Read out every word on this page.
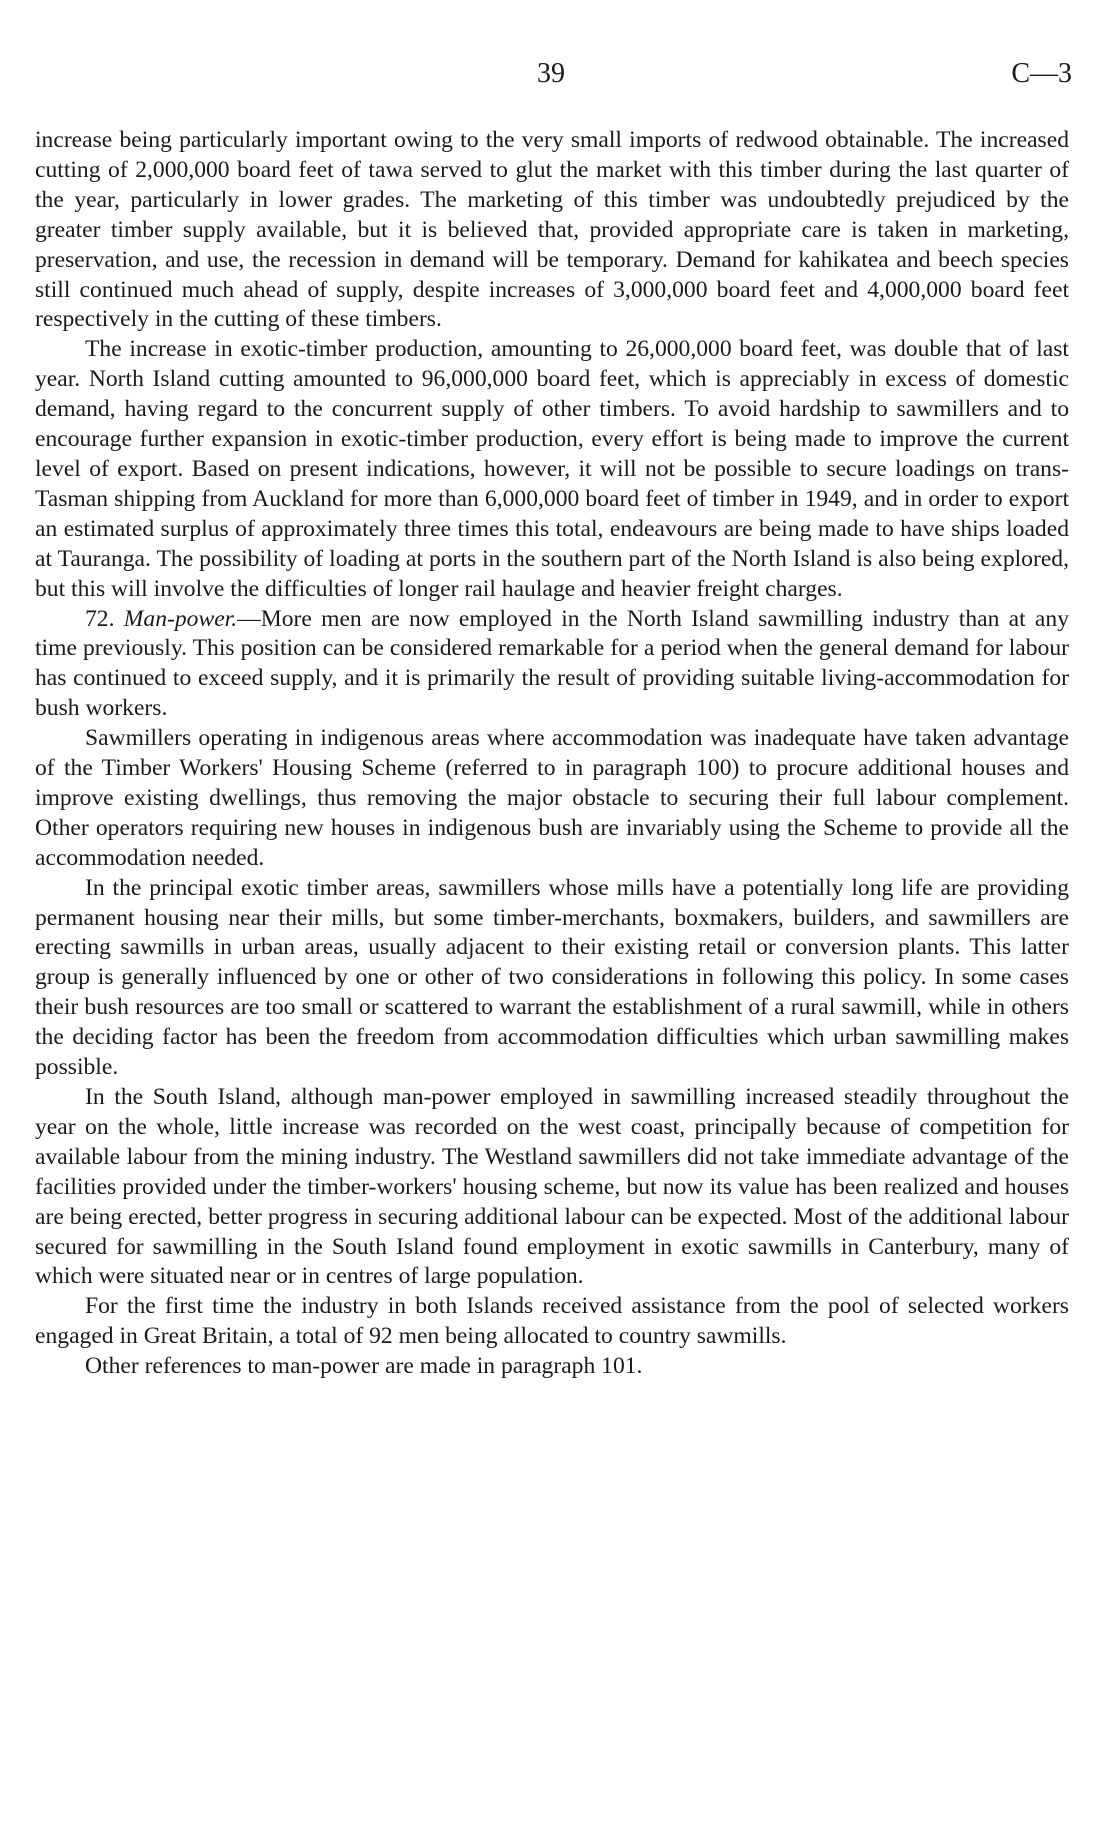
39	C—3

increase being particularly important owing to the very small imports of redwood obtainable. The increased cutting of 2,000,000 board feet of tawa served to glut the market with this timber during the last quarter of the year, particularly in lower grades. The marketing of this timber was undoubtedly prejudiced by the greater timber supply available, but it is believed that, provided appropriate care is taken in marketing, preservation, and use, the recession in demand will be temporary. Demand for kahikatea and beech species still continued much ahead of supply, despite increases of 3,000,000 board feet and 4,000,000 board feet respectively in the cutting of these timbers.

The increase in exotic-timber production, amounting to 26,000,000 board feet, was double that of last year. North Island cutting amounted to 96,000,000 board feet, which is appreciably in excess of domestic demand, having regard to the concurrent supply of other timbers. To avoid hardship to sawmillers and to encourage further expansion in exotic-timber production, every effort is being made to improve the current level of export. Based on present indications, however, it will not be possible to secure loadings on trans-Tasman shipping from Auckland for more than 6,000,000 board feet of timber in 1949, and in order to export an estimated surplus of approximately three times this total, endeavours are being made to have ships loaded at Tauranga. The possibility of loading at ports in the southern part of the North Island is also being explored, but this will involve the difficulties of longer rail haulage and heavier freight charges.

72. Man-power.—More men are now employed in the North Island sawmilling industry than at any time previously. This position can be considered remarkable for a period when the general demand for labour has continued to exceed supply, and it is primarily the result of providing suitable living-accommodation for bush workers.

Sawmillers operating in indigenous areas where accommodation was inadequate have taken advantage of the Timber Workers' Housing Scheme (referred to in paragraph 100) to procure additional houses and improve existing dwellings, thus removing the major obstacle to securing their full labour complement. Other operators requiring new houses in indigenous bush are invariably using the Scheme to provide all the accommodation needed.

In the principal exotic timber areas, sawmillers whose mills have a potentially long life are providing permanent housing near their mills, but some timber-merchants, boxmakers, builders, and sawmillers are erecting sawmills in urban areas, usually adjacent to their existing retail or conversion plants. This latter group is generally influenced by one or other of two considerations in following this policy. In some cases their bush resources are too small or scattered to warrant the establishment of a rural sawmill, while in others the deciding factor has been the freedom from accommodation difficulties which urban sawmilling makes possible.

In the South Island, although man-power employed in sawmilling increased steadily throughout the year on the whole, little increase was recorded on the west coast, principally because of competition for available labour from the mining industry. The Westland sawmillers did not take immediate advantage of the facilities provided under the timber-workers' housing scheme, but now its value has been realized and houses are being erected, better progress in securing additional labour can be expected. Most of the additional labour secured for sawmilling in the South Island found employment in exotic sawmills in Canterbury, many of which were situated near or in centres of large population.

For the first time the industry in both Islands received assistance from the pool of selected workers engaged in Great Britain, a total of 92 men being allocated to country sawmills.

Other references to man-power are made in paragraph 101.
